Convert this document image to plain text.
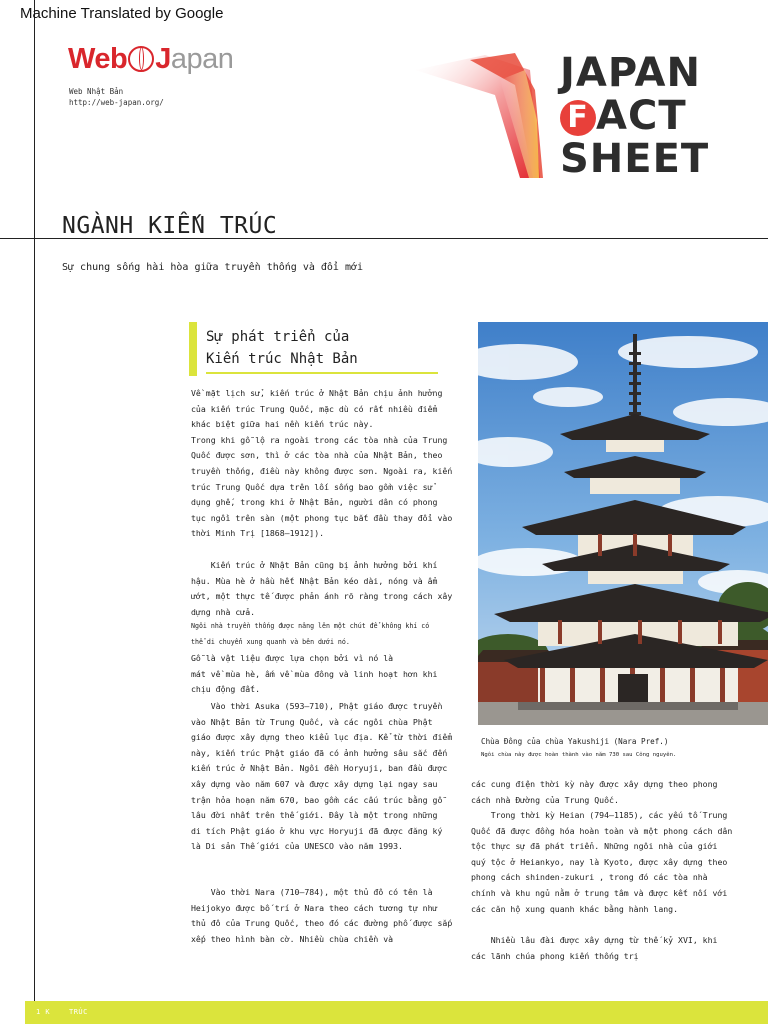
Machine Translated by Google
Web Japan
Web Nhật Bản
http://web-japan.org/
JAPAN
F ACT
SHEET
NGÀNH KIẾN TRÚC
Sự chung sống hài hòa giữa truyền thống và đổi mới
Sự phát triển của
Kiến trúc Nhật Bản
Về mặt lịch sử, kiến trúc ở Nhật Bản chịu ảnh hưởng
của kiến trúc Trung Quốc, mặc dù có rất nhiều điểm
khác biệt giữa hai nền kiến trúc này.
Trong khi gỗ lộ ra ngoài trong các tòa nhà của Trung
Quốc được sơn, thì ở các tòa nhà của Nhật Bản, theo
truyền thống, điều này không được sơn. Ngoài ra, kiến
trúc Trung Quốc dựa trên lối sống bao gồm việc sử
dụng ghế, trong khi ở Nhật Bản, người dân có phong
tục ngồi trên sàn (một phong tục bắt đầu thay đổi vào
thời Minh Trị [1868–1912]).
Kiến trúc ở Nhật Bản cũng bị ảnh hưởng bởi khí
hậu. Mùa hè ở hầu hết Nhật Bản kéo dài, nóng và ẩm
ướt, một thực tế được phản ánh rõ ràng trong cách xây
dựng nhà cửa.
Ngôi nhà truyền thống được nâng lên một chút để không khí có
thể di chuyển xung quanh và bên dưới nó.
Gỗ là vật liệu được lựa chọn bởi vì nó là
mát về mùa hè, ấm về mùa đông và linh hoạt hơn khi
chịu động đất.
Vào thời Asuka (593–710), Phật giáo được truyền
vào Nhật Bản từ Trung Quốc, và các ngôi chùa Phật
giáo được xây dựng theo kiểu lục địa. Kể từ thời điểm
này, kiến trúc Phật giáo đã có ảnh hưởng sâu sắc đến
kiến trúc ở Nhật Bản. Ngôi đền Horyuji, ban đầu được
xây dựng vào năm 607 và được xây dựng lại ngay sau
trận hỏa hoạn năm 670, bao gồm các cấu trúc bằng gỗ
lâu đời nhất trên thế giới. Đây là một trong những
di tích Phật giáo ở khu vực Horyuji đã được đăng ký
là Di sản Thế giới của UNESCO vào năm 1993.
Vào thời Nara (710–784), một thủ đô có tên là
Heijokyo được bố trí ở Nara theo cách tương tự như
thủ đô của Trung Quốc, theo đó các đường phố được sắp
xếp theo hình bàn cờ. Nhiều chùa chiền và
Chùa Đông của chùa Yakushiji (Nara Pref.)
Ngôi chùa này được hoàn thành vào năm 730 sau Công nguyên.
các cung điện thời kỳ này được xây dựng theo phong
cách nhà Đường của Trung Quốc.
Trong thời kỳ Heian (794–1185), các yếu tố Trung
Quốc đã được đồng hóa hoàn toàn và một phong cách dân
tộc thực sự đã phát triển. Những ngôi nhà của giới
quý tộc ở Heiankyo, nay là Kyoto, được xây dựng theo
phong cách shinden-zukuri , trong đó các tòa nhà
chính và khu ngủ nằm ở trung tâm và được kết nối với
các căn hộ xung quanh khác bằng hành lang.
Nhiều lâu đài được xây dựng từ thế kỷ XVI, khi
các lãnh chúa phong kiến thống trị
1 K    TRÚC
